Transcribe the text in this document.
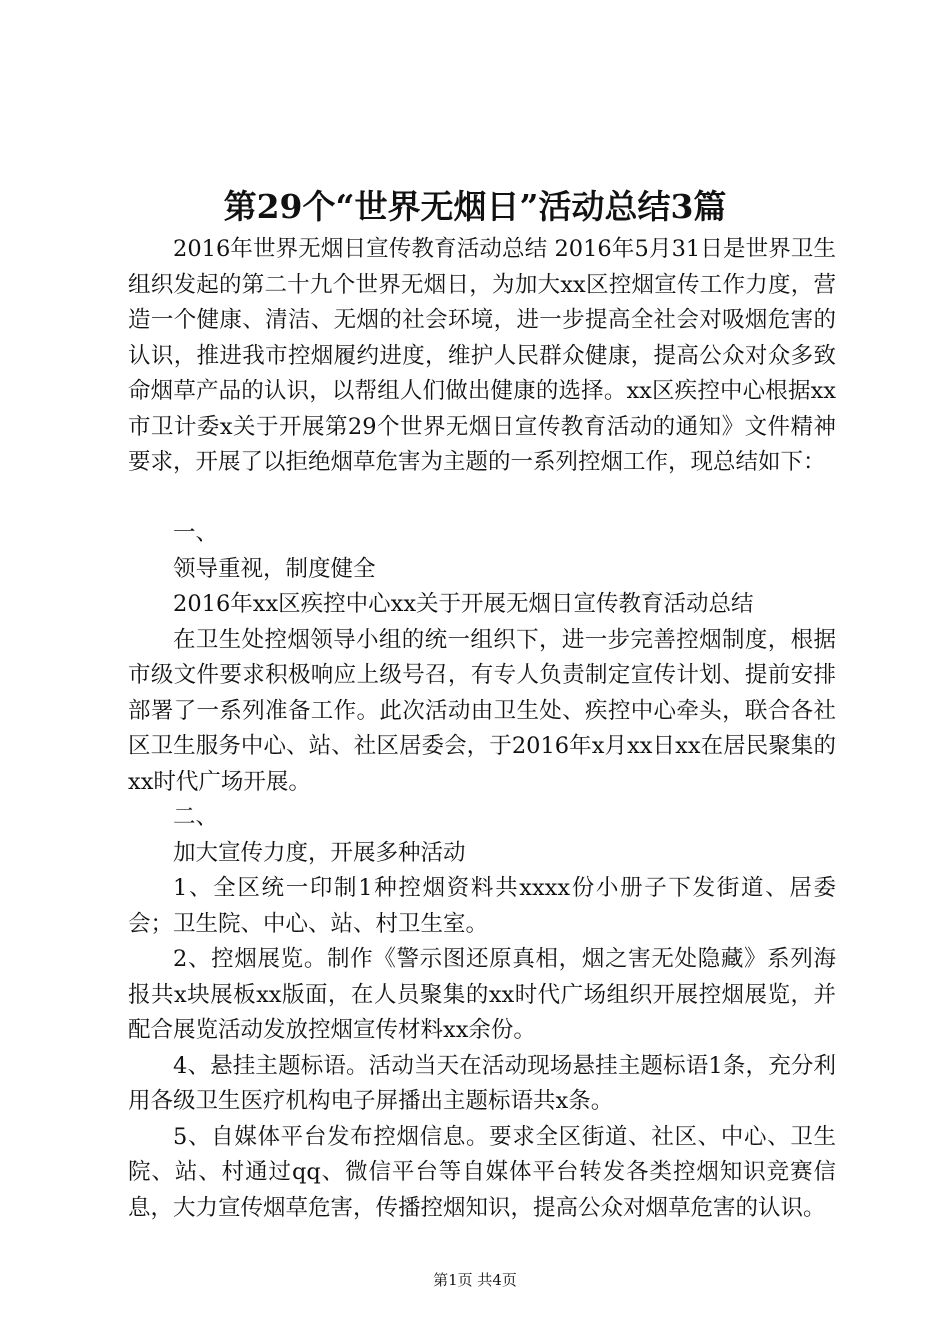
第29个“世界无烟日”活动总结3篇

2016年世界无烟日宣传教育活动总结 2016年5月31日是世界卫生组织发起的第二十九个世界无烟日，为加大xx区控烟宣传工作力度，营造一个健康、清洁、无烟的社会环境，进一步提高全社会对吸烟危害的认识，推进我市控烟履约进度，维护人民群众健康，提高公众对众多致命烟草产品的认识，以帮组人们做出健康的选择。xx区疾控中心根据xx市卫计委x关于开展第29个世界无烟日宣传教育活动的通知》文件精神要求，开展了以拒绝烟草危害为主题的一系列控烟工作，现总结如下：

一、

领导重视，制度健全

2016年xx区疾控中心xx关于开展无烟日宣传教育活动总结

在卫生处控烟领导小组的统一组织下，进一步完善控烟制度，根据市级文件要求积极响应上级号召，有专人负责制定宣传计划、提前安排部署了一系列准备工作。此次活动由卫生处、疾控中心牵头，联合各社区卫生服务中心、站、社区居委会，于2016年x月xx日xx在居民聚集的xx时代广场开展。

二、

加大宣传力度，开展多种活动

1、全区统一印制1种控烟资料共xxxx份小册子下发街道、居委会；卫生院、中心、站、村卫生室。

2、控烟展览。制作《警示图还原真相，烟之害无处隐藏》系列海报共x块展板xx版面，在人员聚集的xx时代广场组织开展控烟展览，并配合展览活动发放控烟宣传材料xx余份。

4、悬挂主题标语。活动当天在活动现场悬挂主题标语1条，充分利用各级卫生医疗机构电子屏播出主题标语共x条。

5、自媒体平台发布控烟信息。要求全区街道、社区、中心、卫生院、站、村通过qq、微信平台等自媒体平台转发各类控烟知识竞赛信息，大力宣传烟草危害，传播控烟知识，提高公众对烟草危害的认识。

第1页 共4页
